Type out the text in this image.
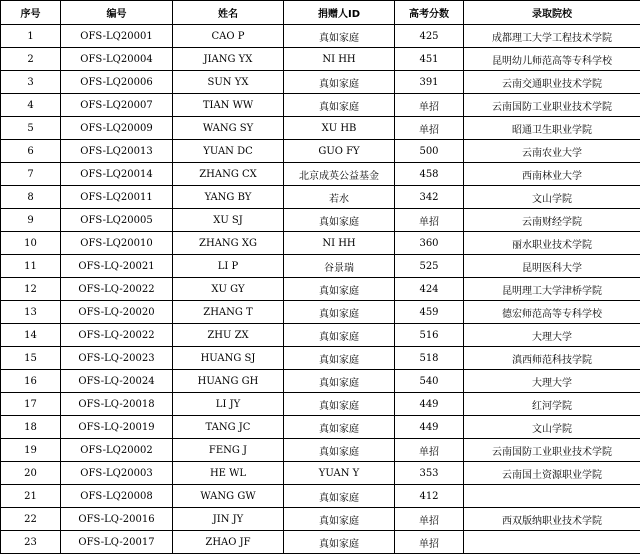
序号	编号	姓名	捐赠人ID	高考分数	录取院校
1	OFS-LQ20001	CAO P	真如家庭	425	成都理工大学工程技术学院
2	OFS-LQ20004	JIANG YX	NI HH	451	昆明幼儿师范高等专科学校
3	OFS-LQ20006	SUN YX	真如家庭	391	云南交通职业技术学院
4	OFS-LQ20007	TIAN WW	真如家庭	单招	云南国防工业职业技术学院
5	OFS-LQ20009	WANG SY	XU HB	单招	昭通卫生职业学院
6	OFS-LQ20013	YUAN DC	GUO FY	500	云南农业大学
7	OFS-LQ20014	ZHANG CX	北京成英公益基金	458	西南林业大学
8	OFS-LQ20011	YANG BY	若水	342	文山学院
9	OFS-LQ20005	XU SJ	真如家庭	单招	云南财经学院
10	OFS-LQ20010	ZHANG XG	NI HH	360	丽水职业技术学院
11	OFS-LQ-20021	LI P	谷景瑞	525	昆明医科大学
12	OFS-LQ-20022	XU GY	真如家庭	424	昆明理工大学津桥学院
13	OFS-LQ-20020	ZHANG T	真如家庭	459	德宏师范高等专科学校
14	OFS-LQ-20022	ZHU ZX	真如家庭	516	大理大学
15	OFS-LQ-20023	HUANG SJ	真如家庭	518	滇西师范科技学院
16	OFS-LQ-20024	HUANG GH	真如家庭	540	大理大学
17	OFS-LQ-20018	LI JY	真如家庭	449	红河学院
18	OFS-LQ-20019	TANG JC	真如家庭	449	文山学院
19	OFS-LQ20002	FENG J	真如家庭	单招	云南国防工业职业技术学院
20	OFS-LQ20003	HE WL	YUAN Y	353	云南国土资源职业学院
21	OFS-LQ20008	WANG GW	真如家庭	412	
22	OFS-LQ-20016	JIN JY	真如家庭	单招	西双版纳职业技术学院
23	OFS-LQ-20017	ZHAO JF	真如家庭	单招	
